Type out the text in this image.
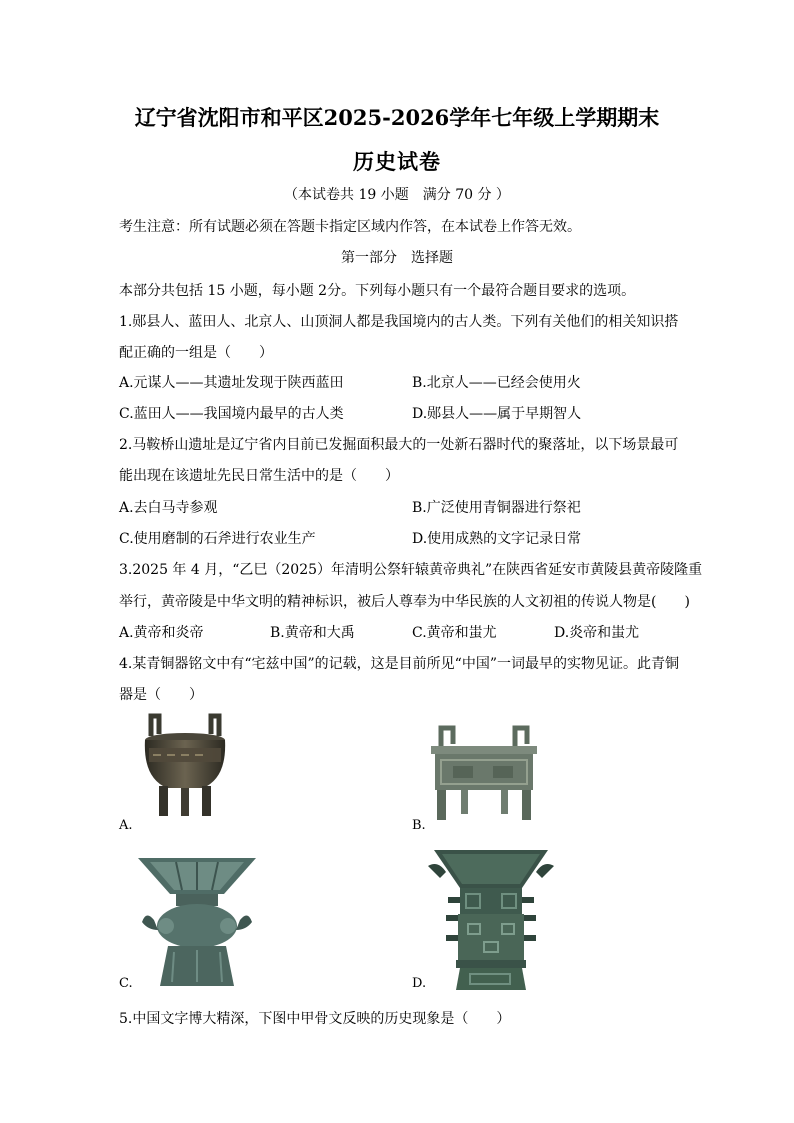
辽宁省沈阳市和平区2025-2026学年七年级上学期期末
历史试卷
（本试卷共 19 小题　满分 70 分 ）
考生注意：所有试题必须在答题卡指定区域内作答，在本试卷上作答无效。
第一部分　选择题
本部分共包括 15 小题，每小题 2分。下列每小题只有一个最符合题目要求的选项。
1.郧县人、蓝田人、北京人、山顶洞人都是我国境内的古人类。下列有关他们的相关知识搭
配正确的一组是（　　）
A.元谋人——其遗址发现于陕西蓝田	B.北京人——已经会使用火
C.蓝田人——我国境内最早的古人类	D.郧县人——属于早期智人
2.马鞍桥山遗址是辽宁省内目前已发掘面积最大的一处新石器时代的聚落址，以下场景最可
能出现在该遗址先民日常生活中的是（　　）
A.去白马寺参观	B.广泛使用青铜器进行祭祀
C.使用磨制的石斧进行农业生产	D.使用成熟的文字记录日常
3.2025 年 4 月，“乙巳（2025）年清明公祭轩辕黄帝典礼”在陕西省延安市黄陵县黄帝陵隆重
举行，黄帝陵是中华文明的精神标识，被后人尊奉为中华民族的人文初祖的传说人物是(　　)
A.黄帝和炎帝	B.黄帝和大禹	C.黄帝和蚩尤	D.炎帝和蚩尤
4.某青铜器铭文中有“宅兹中国”的记载，这是目前所见“中国”一词最早的实物见证。此青铜
器是（　　）
A.	B.
C.	D.
5.中国文字博大精深，下图中甲骨文反映的历史现象是（　　）
